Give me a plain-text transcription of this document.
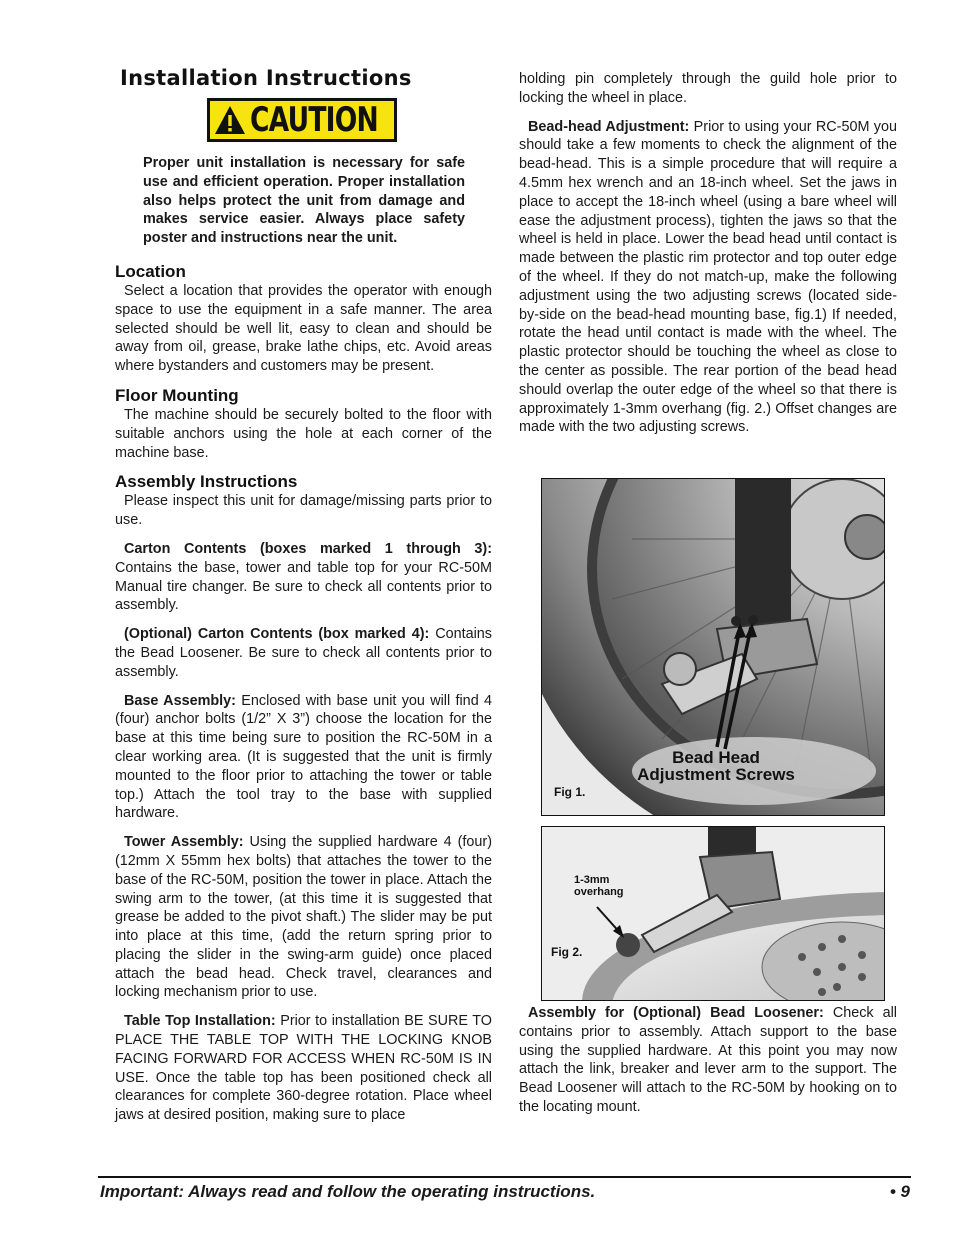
Installation Instructions
CAUTION
Proper unit installation is necessary for safe use and efficient operation. Proper installation also helps protect the unit from damage and makes service easier. Always place safety poster and instructions near the unit.
Location

Select a location that provides the operator with enough space to use the equipment in a safe manner. The area selected should be well lit, easy to clean and should be away from oil, grease, brake lathe chips, etc. Avoid areas where bystanders and customers may be present.

Floor Mounting

The machine should be securely bolted to the floor with suitable anchors using the hole at each corner of the machine base.

Assembly Instructions

Please inspect this unit for damage/missing parts prior to use.

Carton Contents (boxes marked 1 through 3): Contains the base, tower and table top for your RC-50M Manual tire changer. Be sure to check all contents prior to assembly.

(Optional) Carton Contents (box marked 4): Contains the Bead Loosener. Be sure to check all contents prior to assembly.

Base Assembly: Enclosed with base unit you will find 4 (four) anchor bolts (1/2” X 3”) choose the location for the base at this time being sure to position the RC-50M in a clear working area. (It is suggested that the unit is firmly mounted to the floor prior to attaching the tower or table top.) Attach the tool tray to the base with supplied hardware.

Tower Assembly: Using the supplied hardware 4 (four) (12mm X 55mm hex bolts) that attaches the tower to the base of the RC-50M, position the tower in place. Attach the swing arm to the tower, (at this time it is suggested that grease be added to the pivot shaft.) The slider may be put into place at this time, (add the return spring prior to placing the slider in the swing-arm guide) once placed attach the bead head. Check travel, clearances and locking mechanism prior to use.

Table Top Installation: Prior to installation BE SURE TO PLACE THE TABLE TOP WITH THE LOCKING KNOB FACING FORWARD FOR ACCESS WHEN RC-50M IS IN USE. Once the table top has been positioned check all clearances for complete 360-degree rotation. Place wheel jaws at desired position, making sure to place

holding pin completely through the guild hole prior to locking the wheel in place.

Bead-head Adjustment: Prior to using your RC-50M you should take a few moments to check the alignment of the bead-head. This is a simple procedure that will require a 4.5mm hex wrench and an 18-inch wheel. Set the jaws in place to accept the 18-inch wheel (using a bare wheel will ease the adjustment process), tighten the jaws so that the wheel is held in place. Lower the bead head until contact is made between the plastic rim protector and top outer edge of the wheel. If they do not match-up, make the following adjustment using the two adjusting screws (located side-by-side on the bead-head mounting base, fig.1) If needed, rotate the head until contact is made with the wheel. The plastic protector should be touching the wheel as close to the center as possible. The rear portion of the bead head should overlap the outer edge of the wheel so that there is approximately 1-3mm overhang (fig. 2.) Offset changes are made with the two adjusting screws.

Bead Head
Adjustment Screws
Fig 1.
1-3mm
overhang
Fig 2.

Assembly for (Optional) Bead Loosener: Check all contains prior to assembly. Attach support to the base using the supplied hardware. At this point you may now attach the link, breaker and lever arm to the support. The Bead Loosener will attach to the RC-50M by hooking on to the locating mount.

Important: Always read and follow the operating instructions.	• 9
